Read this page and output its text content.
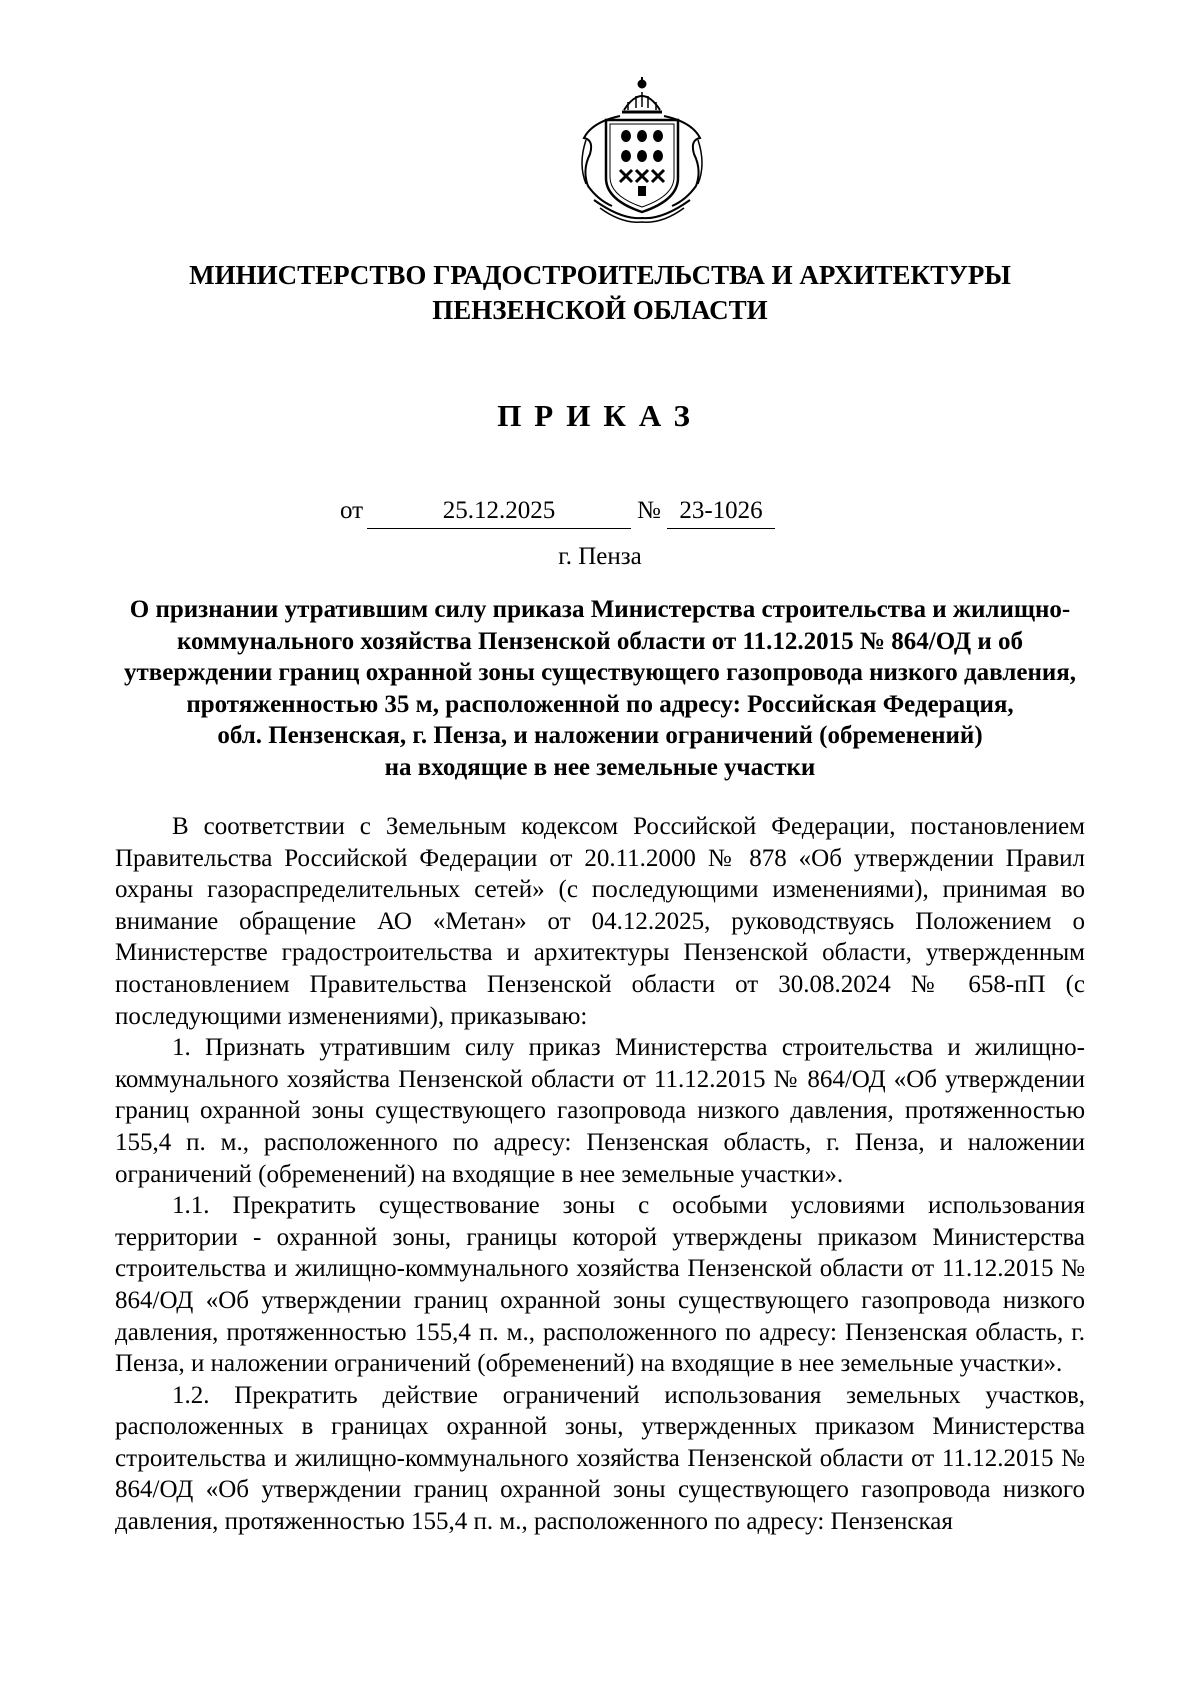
МИНИСТЕРСТВО ГРАДОСТРОИТЕЛЬСТВА И АРХИТЕКТУРЫ
ПЕНЗЕНСКОЙ ОБЛАСТИ
ПРИКАЗ
от	25.12.2025	№ 23-1026
г. Пенза
О признании утратившим силу приказа Министерства строительства и жилищно-
коммунального хозяйства Пензенской области от 11.12.2015 № 864/ОД и об
утверждении границ охранной зоны существующего газопровода низкого давления,
протяженностью 35 м, расположенной по адресу: Российская Федерация,
обл. Пензенская, г. Пенза, и наложении ограничений (обременений)
на входящие в нее земельные участки

В соответствии с Земельным кодексом Российской Федерации, постановлением Правительства Российской Федерации от 20.11.2000 № 878 «Об утверждении Правил охраны газораспределительных сетей» (с последующими изменениями), принимая во внимание обращение АО «Метан» от 04.12.2025, руководствуясь Положением о Министерстве градостроительства и архитектуры Пензенской области, утвержденным постановлением Правительства Пензенской области от 30.08.2024 № 658-пП (с последующими изменениями), приказываю:

1. Признать утратившим силу приказ Министерства строительства и жилищно-коммунального хозяйства Пензенской области от 11.12.2015 № 864/ОД «Об утверждении границ охранной зоны существующего газопровода низкого давления, протяженностью 155,4 п. м., расположенного по адресу: Пензенская область, г. Пенза, и наложении ограничений (обременений) на входящие в нее земельные участки».

1.1. Прекратить существование зоны с особыми условиями использования территории - охранной зоны, границы которой утверждены приказом Министерства строительства и жилищно-коммунального хозяйства Пензенской области от 11.12.2015 № 864/ОД «Об утверждении границ охранной зоны существующего газопровода низкого давления, протяженностью 155,4 п. м., расположенного по адресу: Пензенская область, г. Пенза, и наложении ограничений (обременений) на входящие в нее земельные участки».

1.2. Прекратить действие ограничений использования земельных участков, расположенных в границах охранной зоны, утвержденных приказом Министерства строительства и жилищно-коммунального хозяйства Пензенской области от 11.12.2015 № 864/ОД «Об утверждении границ охранной зоны существующего газопровода низкого давления, протяженностью 155,4 п. м., расположенного по адресу: Пензенская
